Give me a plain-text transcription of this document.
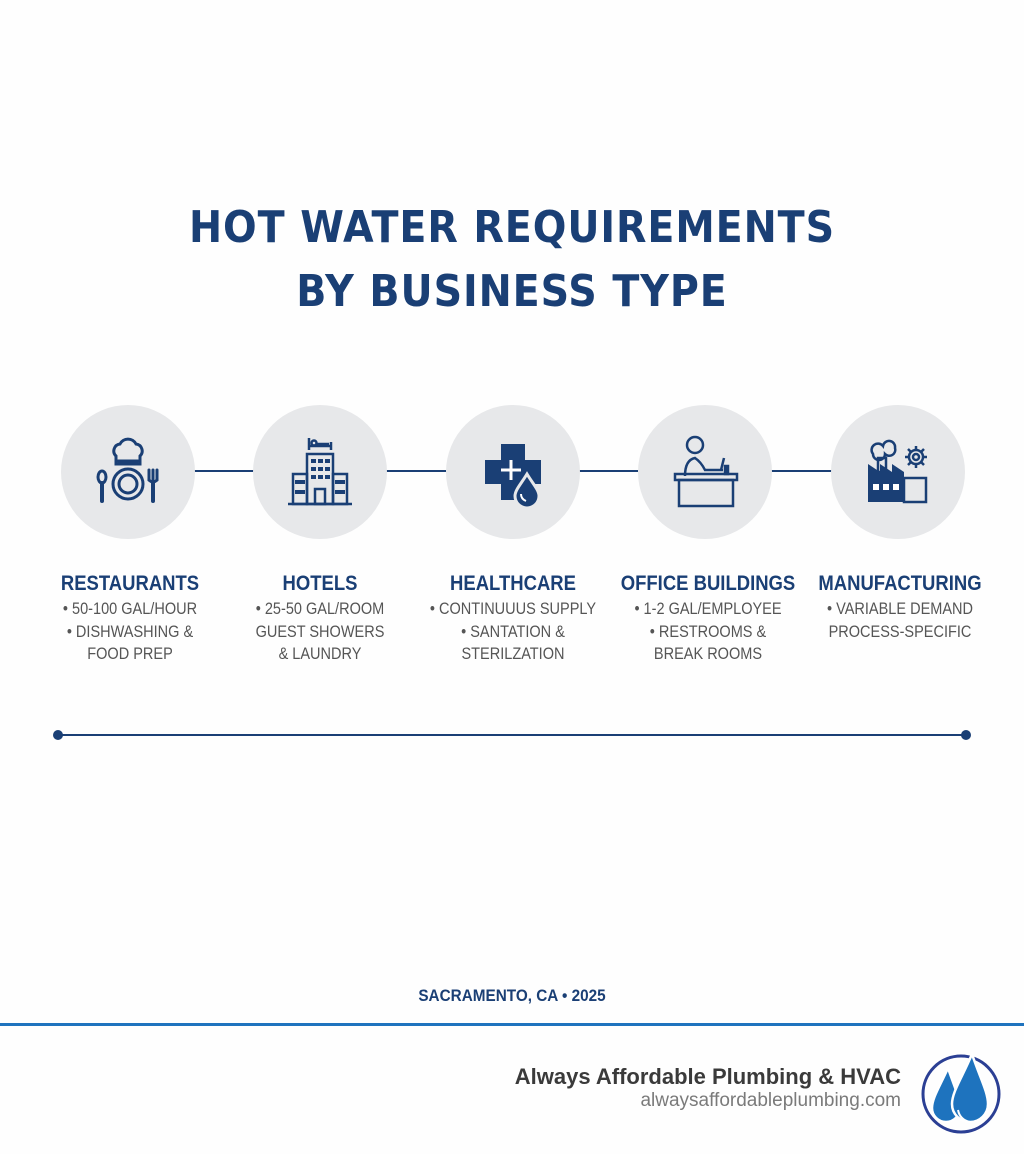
HOT WATER REQUIREMENTS
BY BUSINESS TYPE
RESTAURANTS
• 50-100 GAL/HOUR
• DISHWASHING &
FOOD PREP
HOTELS
• 25-50 GAL/ROOM
GUEST SHOWERS
& LAUNDRY
HEALTHCARE
• CONTINUUUS SUPPLY
• SANTATION &
STERILZATION
OFFICE BUILDINGS
• 1-2 GAL/EMPLOYEE
• RESTROOMS &
BREAK ROOMS
MANUFACTURING
• VARIABLE DEMAND
PROCESS-SPECIFIC
SACRAMENTO, CA • 2025
Always Affordable Plumbing & HVAC
alwaysaffordableplumbing.com
